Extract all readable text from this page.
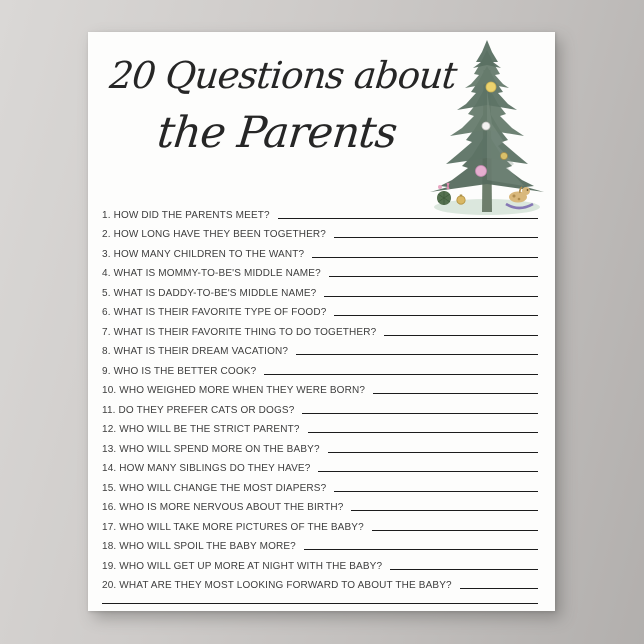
20 Questions about
the Parents
1. HOW DID THE PARENTS MEET?
2. HOW LONG HAVE THEY BEEN TOGETHER?
3. HOW MANY CHILDREN TO THE WANT?
4. WHAT IS MOMMY-TO-BE'S MIDDLE NAME?
5. WHAT IS DADDY-TO-BE'S MIDDLE NAME?
6. WHAT IS THEIR FAVORITE TYPE OF FOOD?
7. WHAT IS THEIR FAVORITE THING TO DO TOGETHER?
8. WHAT IS THEIR DREAM VACATION?
9. WHO IS THE BETTER COOK?
10. WHO WEIGHED MORE WHEN THEY WERE BORN?
11. DO THEY PREFER CATS OR DOGS?
12. WHO WILL BE THE STRICT PARENT?
13. WHO WILL SPEND MORE ON THE BABY?
14. HOW MANY SIBLINGS DO THEY HAVE?
15. WHO WILL CHANGE THE MOST DIAPERS?
16. WHO IS MORE NERVOUS ABOUT THE BIRTH?
17. WHO WILL TAKE MORE PICTURES OF THE BABY?
18. WHO WILL SPOIL THE BABY MORE?
19. WHO WILL GET UP MORE AT NIGHT WITH THE BABY?
20. WHAT ARE THEY MOST LOOKING FORWARD TO ABOUT THE BABY?
